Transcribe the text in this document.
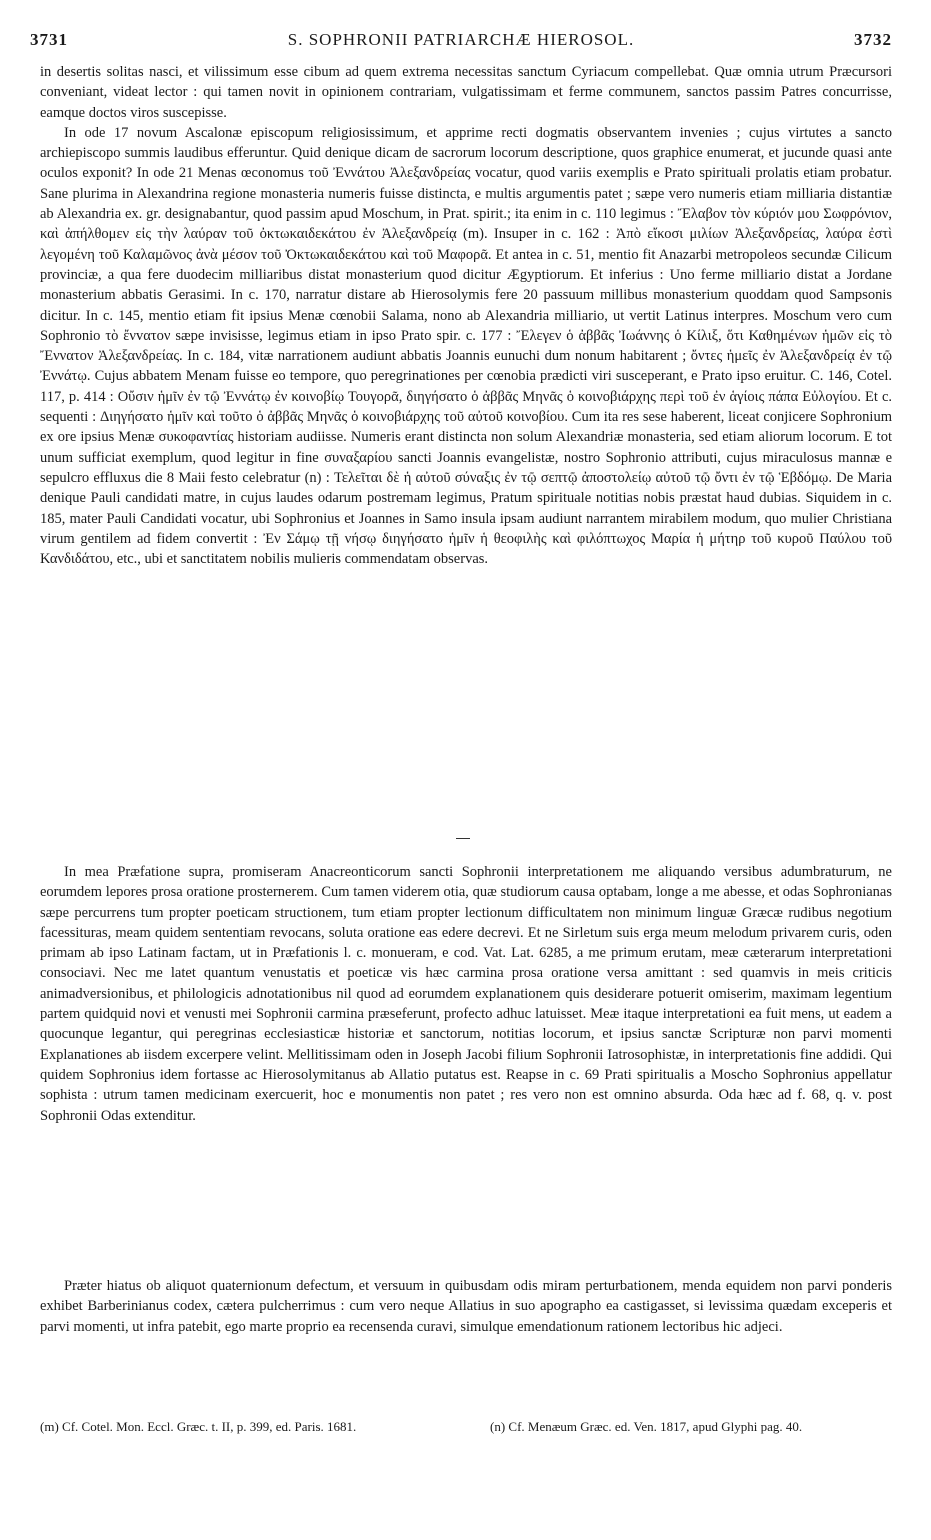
3731	S. SOPHRONII PATRIARCHÆ HIEROSOL.	3732

in desertis solitas nasci, et vilissimum esse cibum ad quem extrema necessitas sanctum Cyriacum compellebat. Quæ omnia utrum Præcursori conveniant, videat lector : qui tamen novit in opinionem contrariam, vulgatissimam et ferme communem, sanctos passim Patres concurrisse, eamque doctos viros suscepisse.

In ode 17 novum Ascalonæ episcopum religiosissimum, et apprime recti dogmatis observantem invenies ; cujus virtutes a sancto archiepiscopo summis laudibus efferuntur. Quid denique dicam de sacrorum locorum descriptione, quos graphice enumerat, et jucunde quasi ante oculos exponit? In ode 21 Menas œconomus τοῦ Ἐννάτου Ἀλεξανδρείας vocatur, quod variis exemplis e Prato spirituali prolatis etiam probatur. Sane plurima in Alexandrina regione monasteria numeris fuisse distincta, e multis argumentis patet ; sæpe vero numeris etiam milliaria distantiæ ab Alexandria ex. gr. designabantur, quod passim apud Moschum, in Prat. spirit.; ita enim in c. 110 legimus : Ἔλαβον τὸν κύριόν μου Σωφρόνιον, καὶ ἀπήλθομεν εἰς τὴν λαύραν τοῦ ὀκτωκαιδεκάτου ἐν Ἀλεξανδρείᾳ (m). Insuper in c. 162 : Ἀπὸ εἴκοσι μιλίων Ἀλεξανδρείας, λαύρα ἐστὶ λεγομένη τοῦ Καλαμῶνος ἀνὰ μέσον τοῦ Ὀκτωκαιδεκάτου καὶ τοῦ Μαφορᾶ. Et antea in c. 51, mentio fit Anazarbi metropoleos secundæ Cilicum provinciæ, a qua fere duodecim milliaribus distat monasterium quod dicitur Ægyptiorum. Et inferius : Uno ferme milliario distat a Jordane monasterium abbatis Gerasimi. In c. 170, narratur distare ab Hierosolymis fere 20 passuum millibus monasterium quoddam quod Sampsonis dicitur. In c. 145, mentio etiam fit ipsius Menæ cœnobii Salama, nono ab Alexandria milliario, ut vertit Latinus interpres. Moschum vero cum Sophronio τὸ ἔνvατον sæpe invisisse, legimus etiam in ipso Prato spir. c. 177 : Ἔλεγεν ὁ ἀββᾶς Ἰωάννης ὁ Κίλιξ, ὅτι Καθημένων ἡμῶν εἰς τὸ Ἔννατον Ἀλεξανδρείας. In c. 184, vitæ narrationem audiunt abbatis Joannis eunuchi dum nonum habitarent ; ὄντες ἡμεῖς ἐν Ἀλεξανδρείᾳ ἐν τῷ Ἐννάτῳ. Cujus abbatem Menam fuisse eo tempore, quo peregrinationes per cœnobia prædicti viri susceperant, e Prato ipso eruitur. C. 146, Cotel. 117, p. 414 : Οὔσιν ἡμῖν ἐν τῷ Ἐννάτῳ ἐν κοινοβίῳ Τουγορᾶ, διηγήσατο ὁ ἀββᾶς Μηνᾶς ὁ κοινοβιάρχης περὶ τοῦ ἐν ἁγίοις πάπα Εὐλογίου. Et c. sequenti : Διηγήσατο ἡμῖν καὶ τοῦτο ὁ ἀββᾶς Μηνᾶς ὁ κοινοβιάρχης τοῦ αὐτοῦ κοινοβίου. Cum ita res sese haberent, liceat conjicere Sophronium ex ore ipsius Menæ συκοφαντίας historiam audiisse. Numeris erant distincta non solum Alexandriæ monasteria, sed etiam aliorum locorum. E tot unum sufficiat exemplum, quod legitur in fine συναξαρίου sancti Joannis evangelistæ, nostro Sophronio attributi, cujus miraculosus mannæ e sepulcro effluxus die 8 Maii festo celebratur (n) : Τελεῖται δὲ ἡ αὐτοῦ σύναξις ἐν τῷ σεπτῷ ἀποστολείῳ αὐτοῦ τῷ ὄντι ἐν τῷ Ἑβδόμῳ. De Maria denique Pauli candidati matre, in cujus laudes odarum postremam legimus, Pratum spirituale notitias nobis præstat haud dubias. Siquidem in c. 185, mater Pauli Candidati vocatur, ubi Sophronius et Joannes in Samo insula ipsam audiunt narrantem mirabilem modum, quo mulier Christiana virum gentilem ad fidem convertit : Ἐν Σάμῳ τῇ νήσῳ διηγήσατο ἡμῖν ἡ θεοφιλὴς καὶ φιλόπτωχος Μαρία ἡ μήτηρ τοῦ κυροῦ Παύλου τοῦ Κανδιδάτου, etc., ubi et sanctitatem nobilis mulieris commendatam observas.

In mea Præfatione supra, promiseram Anacreonticorum sancti Sophronii interpretationem me aliquando versibus adumbraturum, ne eorumdem lepores prosa oratione prosternerem. Cum tamen viderem otia, quæ studiorum causa optabam, longe a me abesse, et odas Sophronianas sæpe percurrens tum propter poeticam structionem, tum etiam propter lectionum difficultatem non minimum linguæ Græcæ rudibus negotium facessituras, meam quidem sententiam revocans, soluta oratione eas edere decrevi. Et ne Sirletum suis erga meum melodum privarem curis, oden primam ab ipso Latinam factam, ut in Præfationis l. c. monueram, e cod. Vat. Lat. 6285, a me primum erutam, meæ cæterarum interpretationi consociavi. Nec me latet quantum venustatis et poeticæ vis hæc carmina prosa oratione versa amittant : sed quamvis in meis criticis animadversionibus, et philologicis adnotationibus nil quod ad eorumdem explanationem quis desiderare potuerit omiserim, maximam legentium partem quidquid novi et venusti mei Sophronii carmina præseferunt, profecto adhuc latuisset. Meæ itaque interpretationi ea fuit mens, ut eadem a quocunque legantur, qui peregrinas ecclesiasticæ historiæ et sanctorum, notitias locorum, et ipsius sanctæ Scripturæ non parvi momenti Explanationes ab iisdem excerpere velint. Mellitissimam oden in Joseph Jacobi filium Sophronii Iatrosophistæ, in interpretationis fine addidi. Qui quidem Sophronius idem fortasse ac Hierosolymitanus ab Allatio putatus est. Reapse in c. 69 Prati spiritualis a Moscho Sophronius appellatur sophista : utrum tamen medicinam exercuerit, hoc e monumentis non patet ; res vero non est omnino absurda. Oda hæc ad f. 68, q. v. post Sophronii Odas extenditur.

Præter hiatus ob aliquot quaternionum defectum, et versuum in quibusdam odis miram perturbationem, menda equidem non parvi ponderis exhibet Barberinianus codex, cætera pulcherrimus : cum vero neque Allatius in suo apographo ea castigasset, si levissima quædam exceperis et parvi momenti, ut infra patebit, ego marte proprio ea recensenda curavi, simulque emendationum rationem lectoribus hic adjeci.

(m) Cf. Cotel. Mon. Eccl. Græc. t. II, p. 399, ed. Paris. 1681.	(n) Cf. Menæum Græc. ed. Ven. 1817, apud Glyphi pag. 40.
